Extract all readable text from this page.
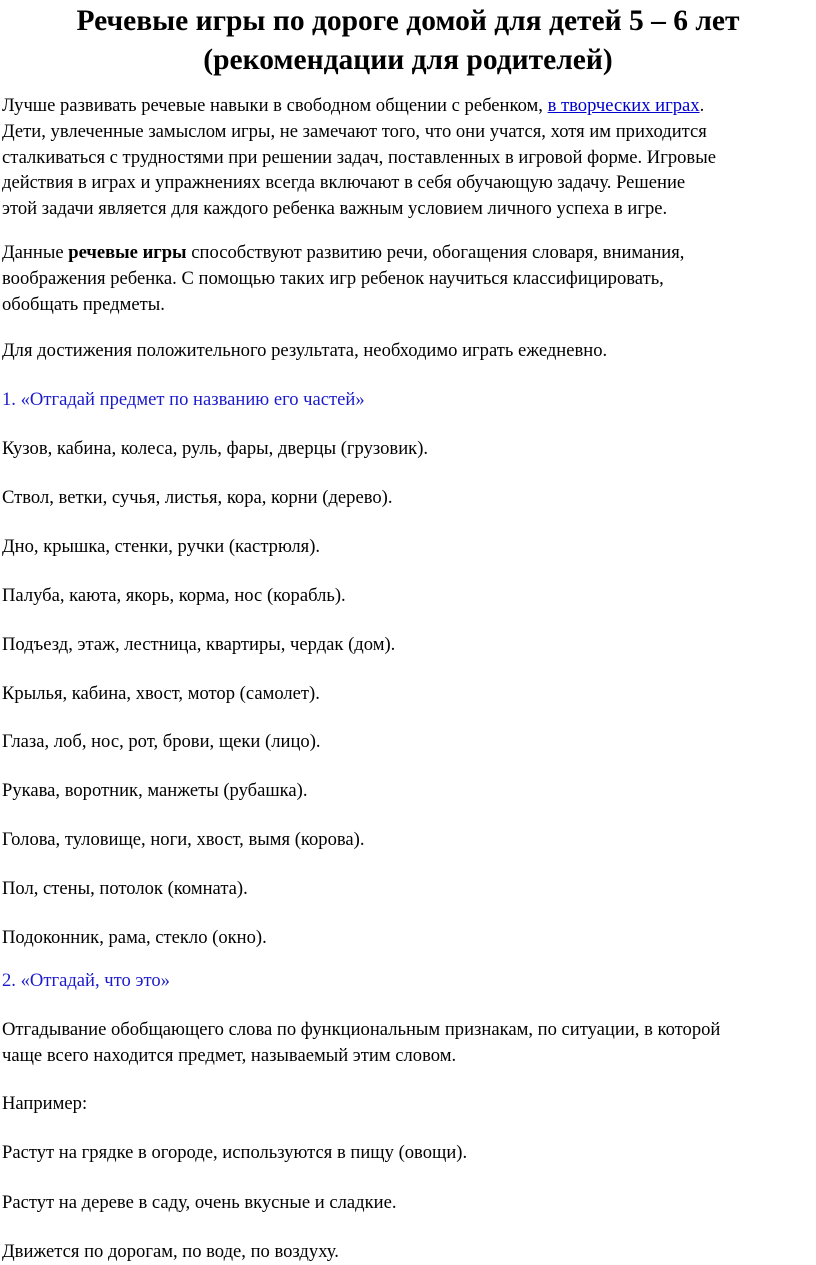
Речевые игры по дороге домой для детей 5 – 6 лет
(рекомендации для родителей)

Лучше развивать речевые навыки в свободном общении с ребенком, в творческих играх.
Дети, увлеченные замыслом игры, не замечают того, что они учатся, хотя им приходится
сталкиваться с трудностями при решении задач, поставленных в игровой форме. Игровые
действия в играх и упражнениях всегда включают в себя обучающую задачу. Решение
этой задачи является для каждого ребенка важным условием личного успеха в игре.

Данные речевые игры способствуют развитию речи, обогащения словаря, внимания,
воображения ребенка. С помощью таких игр ребенок научиться классифицировать,
обобщать предметы.

Для достижения положительного результата, необходимо играть ежедневно.

1. «Отгадай предмет по названию его частей»

Кузов, кабина, колеса, руль, фары, дверцы (грузовик).

Ствол, ветки, сучья, листья, кора, корни (дерево).

Дно, крышка, стенки, ручки (кастрюля).

Палуба, каюта, якорь, корма, нос (корабль).

Подъезд, этаж, лестница, квартиры, чердак (дом).

Крылья, кабина, хвост, мотор (самолет).

Глаза, лоб, нос, рот, брови, щеки (лицо).

Рукава, воротник, манжеты (рубашка).

Голова, туловище, ноги, хвост, вымя (корова).

Пол, стены, потолок (комната).

Подоконник, рама, стекло (окно).

2. «Отгадай, что это»

Отгадывание обобщающего слова по функциональным признакам, по ситуации, в которой
чаще всего находится предмет, называемый этим словом.

Например:

Растут на грядке в огороде, используются в пищу (овощи).

Растут на дереве в саду, очень вкусные и сладкие.

Движется по дорогам, по воде, по воздуху.
